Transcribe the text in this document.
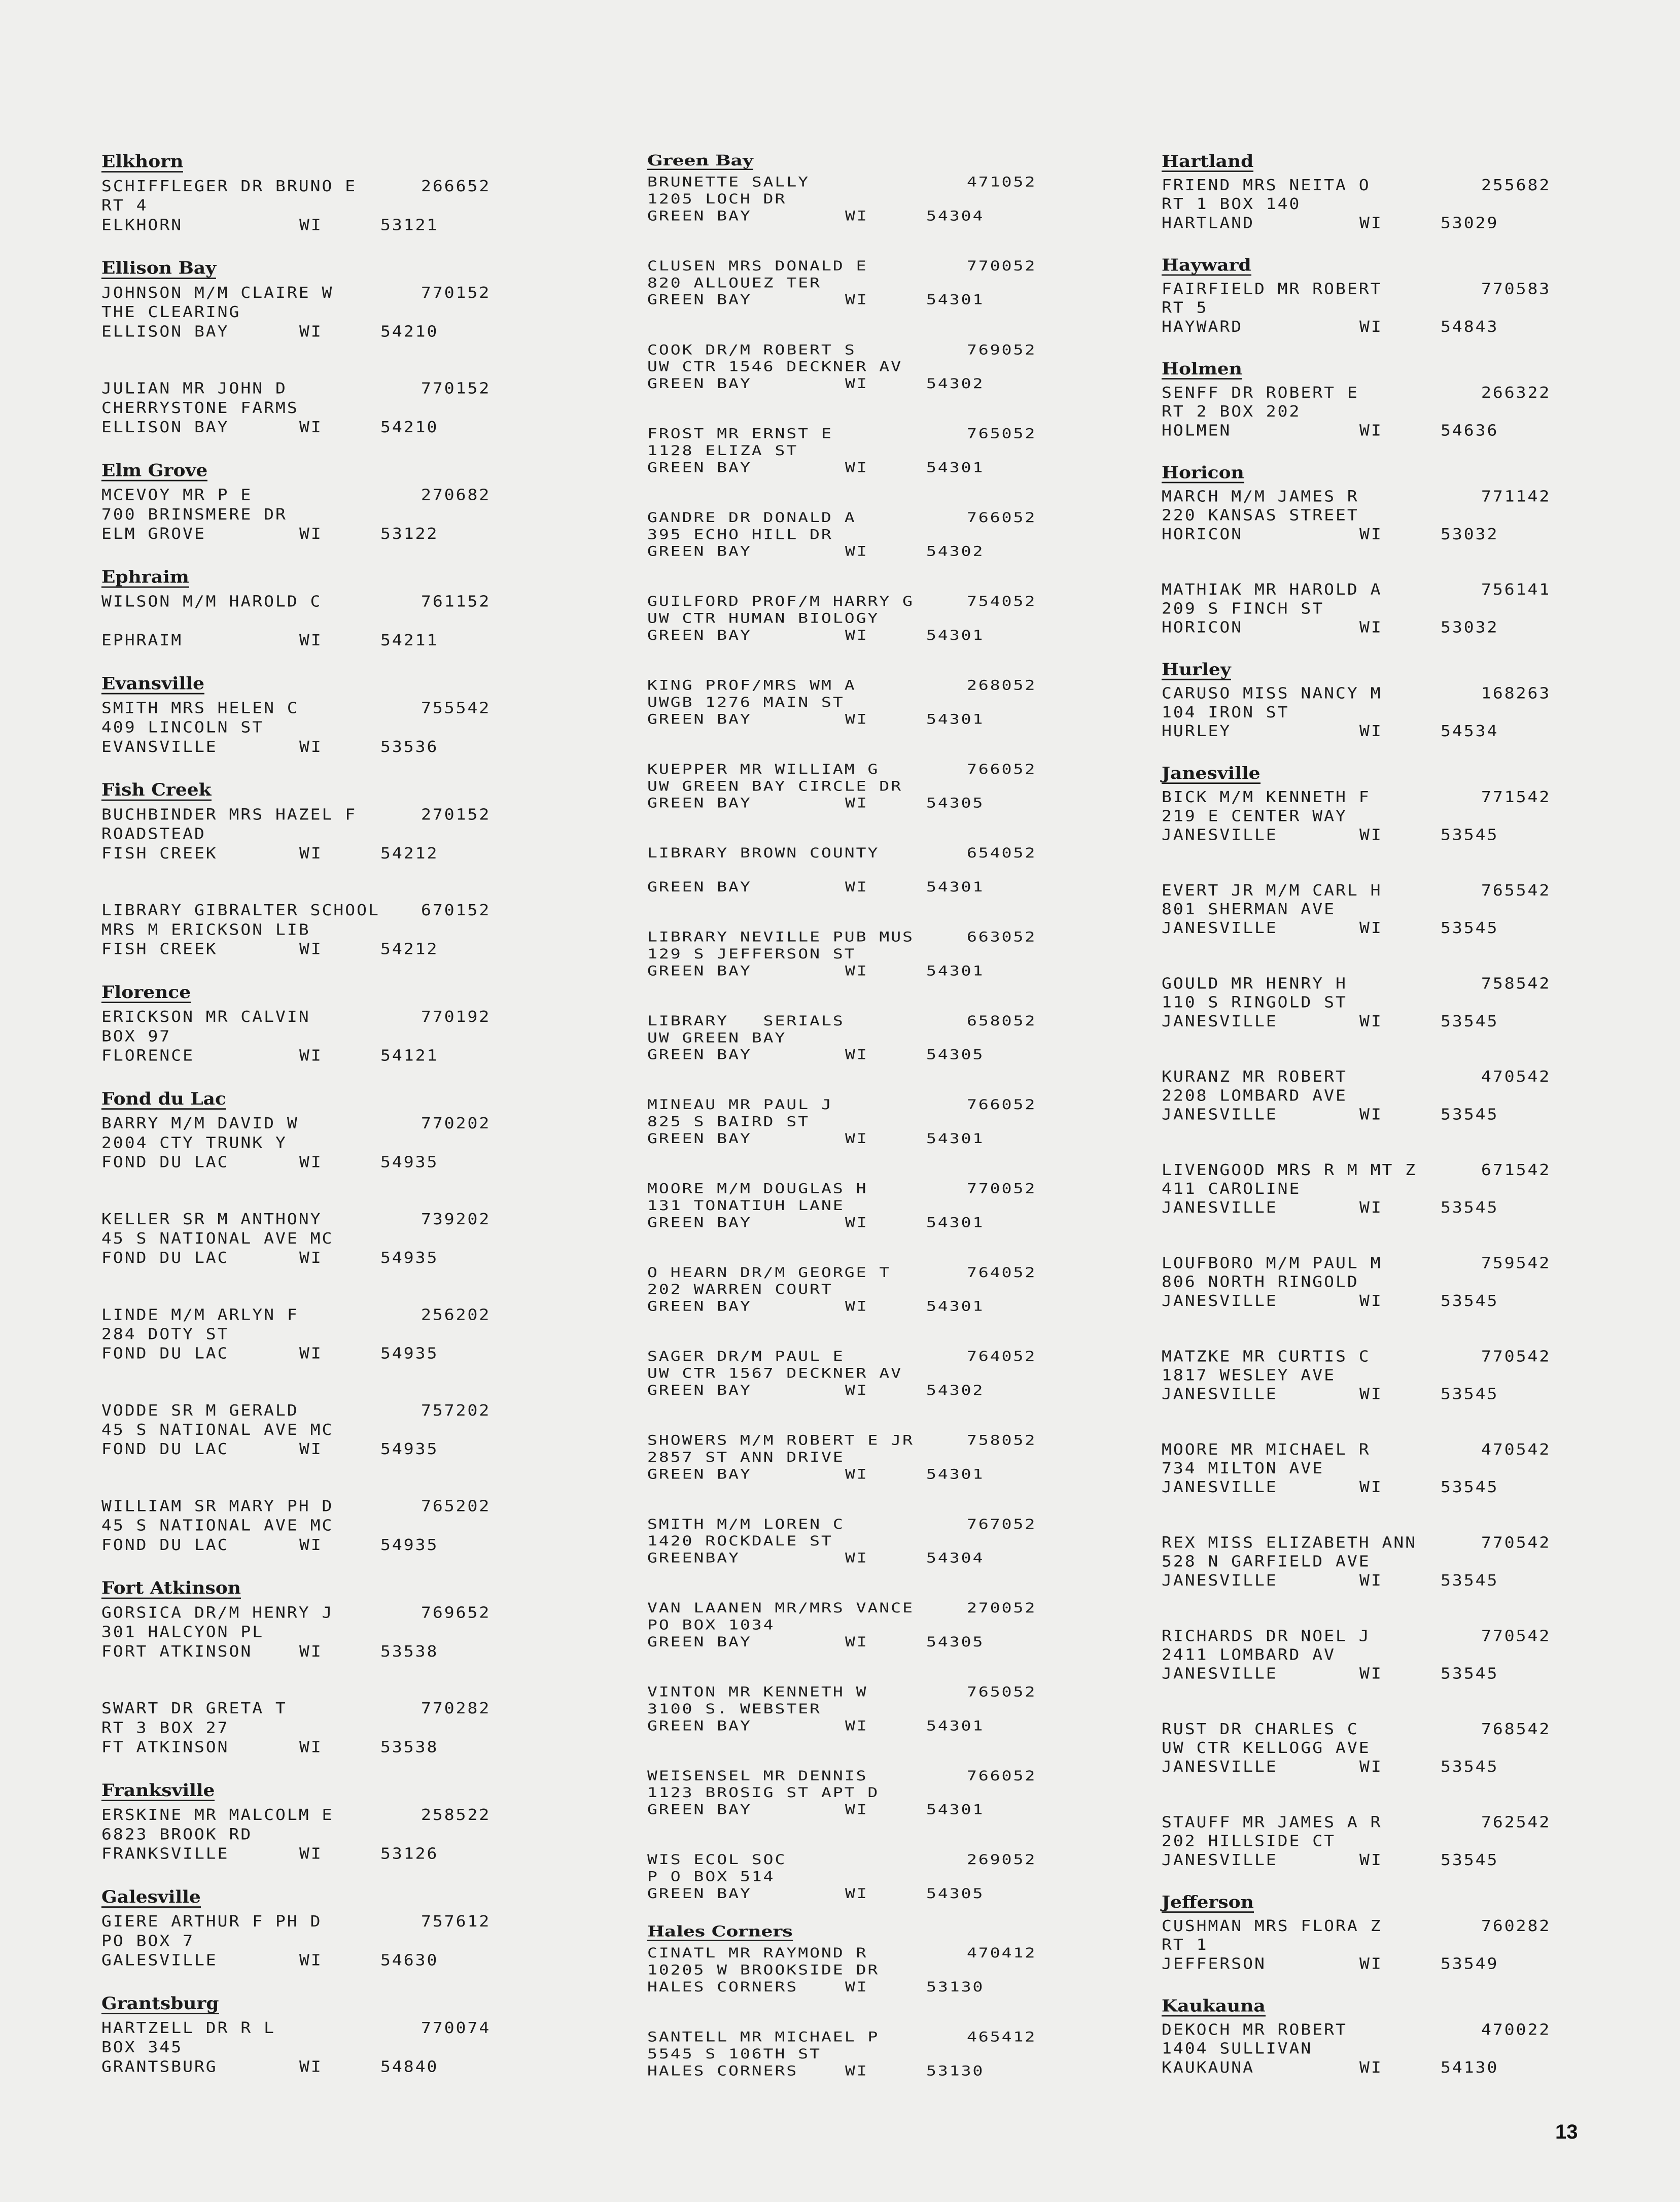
Elkhorn
SCHIFFLEGER DR BRUNO E	266652
RT 4
ELKHORN	WI	53121
Ellison Bay
JOHNSON M/M CLAIRE W	770152
THE CLEARING
ELLISON BAY	WI	54210
JULIAN MR JOHN D	770152
CHERRYSTONE FARMS
ELLISON BAY	WI	54210
Elm Grove
MCEVOY MR P E	270682
700 BRINSMERE DR
ELM GROVE	WI	53122
Ephraim
WILSON M/M HAROLD C	761152
EPHRAIM	WI	54211
Evansville
SMITH MRS HELEN C	755542
409 LINCOLN ST
EVANSVILLE	WI	53536
Fish Creek
BUCHBINDER MRS HAZEL F	270152
ROADSTEAD
FISH CREEK	WI	54212
LIBRARY GIBRALTER SCHOOL 670152
MRS M ERICKSON LIB
FISH CREEK	WI	54212
Florence
ERICKSON MR CALVIN	770192
BOX 97
FLORENCE	WI	54121
Fond du Lac
BARRY M/M DAVID W	770202
2004 CTY TRUNK Y
FOND DU LAC	WI	54935
KELLER SR M ANTHONY	739202
45 S NATIONAL AVE MC
FOND DU LAC	WI	54935
LINDE M/M ARLYN F	256202
284 DOTY ST
FOND DU LAC	WI	54935
VODDE SR M GERALD	757202
45 S NATIONAL AVE MC
FOND DU LAC	WI	54935
WILLIAM SR MARY PH D	765202
45 S NATIONAL AVE MC
FOND DU LAC	WI	54935
Fort Atkinson
GORSICA DR/M HENRY J	769652
301 HALCYON PL
FORT ATKINSON	WI	53538
SWART DR GRETA T	770282
RT 3 BOX 27
FT ATKINSON	WI	53538
Franksville
ERSKINE MR MALCOLM E	258522
6823 BROOK RD
FRANKSVILLE	WI	53126
Galesville
GIERE ARTHUR F PH D	757612
PO BOX 7
GALESVILLE	WI	54630
Grantsburg
HARTZELL DR R L	770074
BOX 345
GRANTSBURG	WI	54840
Green Bay
BRUNETTE SALLY	471052
1205 LOCH DR
GREEN BAY	WI	54304
CLUSEN MRS DONALD E	770052
820 ALLOUEZ TER
GREEN BAY	WI	54301
COOK DR/M ROBERT S	769052
UW CTR 1546 DECKNER AV
GREEN BAY	WI	54302
FROST MR ERNST E	765052
1128 ELIZA ST
GREEN BAY	WI	54301
GANDRE DR DONALD A	766052
395 ECHO HILL DR
GREEN BAY	WI	54302
GUILFORD PROF/M HARRY G	754052
UW CTR HUMAN BIOLOGY
GREEN BAY	WI	54301
KING PROF/MRS WM A	268052
UWGB 1276 MAIN ST
GREEN BAY	WI	54301
KUEPPER MR WILLIAM G	766052
UW GREEN BAY CIRCLE DR
GREEN BAY	WI	54305
LIBRARY BROWN COUNTY	654052
GREEN BAY	WI	54301
LIBRARY NEVILLE PUB MUS	663052
129 S JEFFERSON ST
GREEN BAY	WI	54301
LIBRARY   SERIALS	658052
UW GREEN BAY
GREEN BAY	WI	54305
MINEAU MR PAUL J	766052
825 S BAIRD ST
GREEN BAY	WI	54301
MOORE M/M DOUGLAS H	770052
131 TONATIUH LANE
GREEN BAY	WI	54301
O HEARN DR/M GEORGE T	764052
202 WARREN COURT
GREEN BAY	WI	54301
SAGER DR/M PAUL E	764052
UW CTR 1567 DECKNER AV
GREEN BAY	WI	54302
SHOWERS M/M ROBERT E JR	758052
2857 ST ANN DRIVE
GREEN BAY	WI	54301
SMITH M/M LOREN C	767052
1420 ROCKDALE ST
GREENBAY	WI	54304
VAN LAANEN MR/MRS VANCE	270052
PO BOX 1034
GREEN BAY	WI	54305
VINTON MR KENNETH W	765052
3100 S. WEBSTER
GREEN BAY	WI	54301
WEISENSEL MR DENNIS	766052
1123 BROSIG ST APT D
GREEN BAY	WI	54301
WIS ECOL SOC	269052
P O BOX 514
GREEN BAY	WI	54305
Hales Corners
CINATL MR RAYMOND R	470412
10205 W BROOKSIDE DR
HALES CORNERS	WI	53130
SANTELL MR MICHAEL P	465412
5545 S 106TH ST
HALES CORNERS	WI	53130
Hartland
FRIEND MRS NEITA O	255682
RT 1 BOX 140
HARTLAND	WI	53029
Hayward
FAIRFIELD MR ROBERT	770583
RT 5
HAYWARD	WI	54843
Holmen
SENFF DR ROBERT E	266322
RT 2 BOX 202
HOLMEN	WI	54636
Horicon
MARCH M/M JAMES R	771142
220 KANSAS STREET
HORICON	WI	53032
MATHIAK MR HAROLD A	756141
209 S FINCH ST
HORICON	WI	53032
Hurley
CARUSO MISS NANCY M	168263
104 IRON ST
HURLEY	WI	54534
Janesville
BICK M/M KENNETH F	771542
219 E CENTER WAY
JANESVILLE	WI	53545
EVERT JR M/M CARL H	765542
801 SHERMAN AVE
JANESVILLE	WI	53545
GOULD MR HENRY H	758542
110 S RINGOLD ST
JANESVILLE	WI	53545
KURANZ MR ROBERT	470542
2208 LOMBARD AVE
JANESVILLE	WI	53545
LIVENGOOD MRS R M MT Z	671542
411 CAROLINE
JANESVILLE	WI	53545
LOUFBORO M/M PAUL M	759542
806 NORTH RINGOLD
JANESVILLE	WI	53545
MATZKE MR CURTIS C	770542
1817 WESLEY AVE
JANESVILLE	WI	53545
MOORE MR MICHAEL R	470542
734 MILTON AVE
JANESVILLE	WI	53545
REX MISS ELIZABETH ANN	770542
528 N GARFIELD AVE
JANESVILLE	WI	53545
RICHARDS DR NOEL J	770542
2411 LOMBARD AV
JANESVILLE	WI	53545
RUST DR CHARLES C	768542
UW CTR KELLOGG AVE
JANESVILLE	WI	53545
STAUFF MR JAMES A R	762542
202 HILLSIDE CT
JANESVILLE	WI	53545
Jefferson
CUSHMAN MRS FLORA Z	760282
RT 1
JEFFERSON	WI	53549
Kaukauna
DEKOCH MR ROBERT	470022
1404 SULLIVAN
KAUKAUNA	WI	54130
13
